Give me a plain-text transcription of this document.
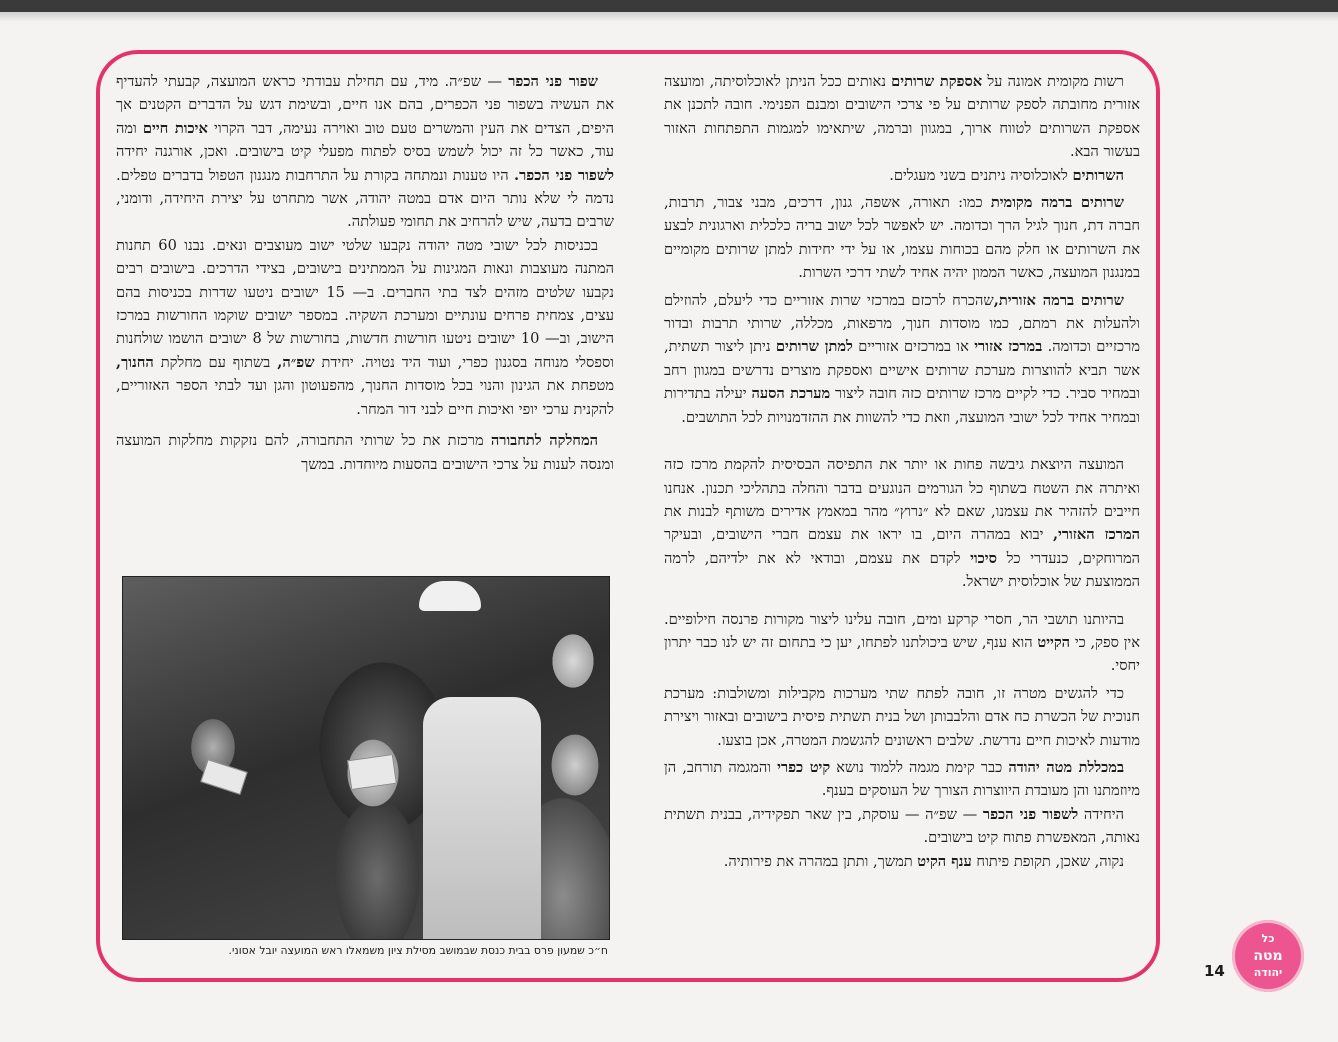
שפור פני הכפר — שפ״ה. מיד, עם תחילת עבודתי כראש המועצה, קבעתי להעדיף את העשיה בשפור פני הכפרים, בהם אנו חיים, ובשימת דגש על הדברים הקטנים אך היפים, הצדים את העין והמשרים טעם טוב ואוירה נעימה, דבר הקרוי איכות חיים ומה עוד, כאשר כל זה יכול לשמש בסיס לפתוח מפעלי קיט בישובים. ואכן, אורגנה יחידה לשפור פני הכפר. היו טענות ונמתחה בקורת על התרחבות מנגנון הטפול בדברים טפלים. נדמה לי שלא נותר היום אדם במטה יהודה, אשר מתחרט על יצירת היחידה, ודומני, שרבים בדעה, שיש להרחיב את תחומי פעולתה.

בכניסות לכל ישובי מטה יהודה נקבעו שלטי ישוב מעוצבים ונאים. נבנו 60 תחנות המתנה מעוצבות ונאות המגינות על הממתינים בישובים, בצידי הדרכים. בישובים רבים נקבעו שלטים מזהים לצד בתי החברים. ב— 15 ישובים ניטעו שדרות בכניסות בהם עצים, צמחית פרחים עונתיים ומערכת השקיה. במספר ישובים שוקמו החורשות במרכז הישוב, וב— 10 ישובים ניטעו חורשות חדשות, בחורשות של 8 ישובים הושמו שולחנות וספסלי מנוחה בסגנון כפרי, ועוד היד נטויה. יחידת שפ״ה, בשתוף עם מחלקת החנוך, מטפחת את הגינון והנוי בכל מוסדות החנוך, מהפעוטון והגן ועד לבתי הספר האזוריים, להקנית ערכי יופי ואיכות חיים לבני דור המחר.

המחלקה לתחבורה מרכזת את כל שרותי התחבורה, להם נזקקות מחלקות המועצה ומנסה לענות על צרכי הישובים בהסעות מיוחדות. במשך

ח״כ שמעון פרס בבית כנסת שבמושב מסילת ציון משמאלו ראש המועצה יובל אסוני.

רשות מקומית אמונה על אספקת שרותים נאותים ככל הניתן לאוכלוסיתה, ומועצה אזורית מחובתה לספק שרותים על פי צרכי הישובים ומבנם הפנימי. חובה לתכנן את אספקת השרותים לטווח ארוך, במגוון וברמה, שיתאימו למגמות התפתחות האזור בעשור הבא.

השרותים לאוכלוסיה ניתנים בשני מעגלים.

שרותים ברמה מקומית כמו: תאורה, אשפה, גנון, דרכים, מבני צבור, תרבות, חברה דת, חנוך לגיל הרך וכדומה. יש לאפשר לכל ישוב בריה כלכלית וארגונית לבצע את השרותים או חלק מהם בכוחות עצמו, או על ידי יחידות למתן שרותים מקומיים במנגנון המועצה, כאשר הממון יהיה אחיד לשתי דרכי השרות.

שרותים ברמה אזורית,שהכרח לרכזם במרכזי שרות אזוריים כדי ליעלם, להוזילם ולהעלות את רמתם, כמו מוסדות חנוך, מרפאות, מכללה, שרותי תרבות ובדור מרכזיים וכדומה. במרכז אזורי או במרכזים אזוריים למתן שרותים ניתן ליצור תשתית, אשר תביא להווצרות מערכת שרותים אישיים ואספקת מוצרים נדרשים במגוון רחב ובמחיר סביר. כדי לקיים מרכז שרותים כזה חובה ליצור מערכת הסעה יעילה בתדירות ובמחיר אחיד לכל ישובי המועצה, וזאת כדי להשוות את ההזדמנויות לכל התושבים.

המועצה היוצאת גיבשה פחות או יותר את התפיסה הבסיסית להקמת מרכז כזה ואיתרה את השטח בשתוף כל הגורמים הנוגעים בדבר והחלה בתהליכי תכנון. אנחנו חייבים להזהיר את עצמנו, שאם לא ״נרוץ״ מהר במאמץ אדירים משותף לבנות את המרכז האזורי, יבוא במהרה היום, בו יראו את עצמם חברי הישובים, ובעיקר המרוחקים, כנעדרי כל סיכוי לקדם את עצמם, ובודאי לא את ילדיהם, לרמה הממוצעת של אוכלוסית ישראל.

בהיותנו תושבי הר, חסרי קרקע ומים, חובה עלינו ליצור מקורות פרנסה חילופיים. אין ספק, כי הקייט הוא ענף, שיש ביכולתנו לפתחו, יען כי בתחום זה יש לנו כבר יתרון יחסי.

כדי להגשים מטרה זו, חובה לפתח שתי מערכות מקבילות ומשולבות: מערכת חנוכית של הכשרת כח אדם והלבבותן ושל בנית תשתית פיסית בישובים ובאזור ויצירת מודעות לאיכות חיים נדרשת. שלבים ראשונים להגשמת המטרה, אכן בוצעו.

במכללת מטה יהודה כבר קימת מגמה ללמוד נושא קיט כפרי והמגמה תורחב, הן מיוזמתנו והן מעובדת היווצרות הצורך של העוסקים בענף.

היחידה לשפור פני הכפר — שפ״ה — עוסקת, בין שאר תפקידיה, בבנית תשתית נאותה, המאפשרת פתוח קיט בישובים.

נקוה, שאכן, תקופת פיתוח ענף הקיט תמשך, ותתן במהרה את פירותיה.

14
כל
מטה
יהודה
